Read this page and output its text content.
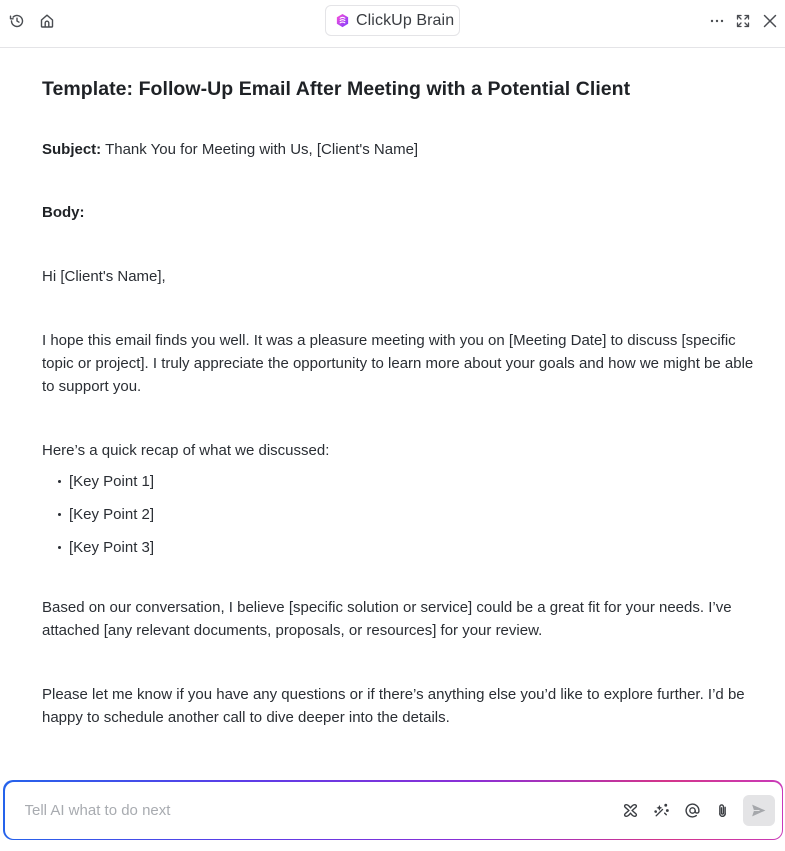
ClickUp Brain
Template: Follow-Up Email After Meeting with a Potential Client
Subject: Thank You for Meeting with Us, [Client's Name]
Body:
Hi [Client's Name],
I hope this email finds you well. It was a pleasure meeting with you on [Meeting Date] to discuss [specific topic or project]. I truly appreciate the opportunity to learn more about your goals and how we might be able to support you.
Here’s a quick recap of what we discussed:
[Key Point 1]
[Key Point 2]
[Key Point 3]
Based on our conversation, I believe [specific solution or service] could be a great fit for your needs. I’ve attached [any relevant documents, proposals, or resources] for your review.
Please let me know if you have any questions or if there’s anything else you’d like to explore further. I’d be happy to schedule another call to dive deeper into the details.
Tell AI what to do next
